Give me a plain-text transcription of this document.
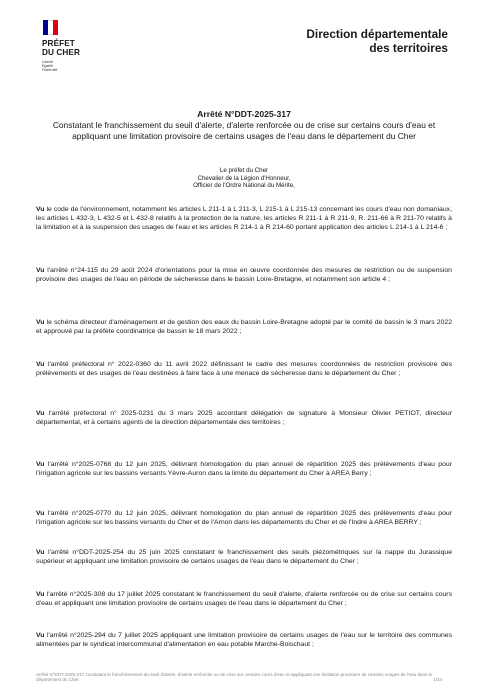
PRÉFET
DU CHER
Liberté
Égalité
Fraternité
Direction départementale
des territoires
Arrêté N°DDT-2025-317
Constatant le franchissement du seuil d'alerte, d'alerte renforcée ou de crise sur certains cours d'eau et appliquant une limitation provisoire de certains usages de l'eau dans le département du Cher
Le préfet du Cher
Chevalier de la Légion d'Honneur,
Officier de l'Ordre National du Mérite,
Vu le code de l'environnement, notamment les articles L 211-1 à L 211-3, L 215-1 à L 215-13 concernant les cours d'eau non domaniaux, les articles L 432-3, L 432-5 et L 432-8 relatifs à la protection de la nature, les articles R 211-1 à R 211-9, R. 211-66 à R 211-70 relatifs à la limitation et à la suspension des usages de l'eau et les articles R 214-1 à R 214-60 portant application des articles L 214-1 à L 214-6 ;
Vu l'arrêté n°24-115 du 29 août 2024 d'orientations pour la mise en œuvre coordonnée des mesures de restriction ou de suspension provisoire des usages de l'eau en période de sécheresse dans le bassin Loire-Bretagne, et notamment son article 4 ;
Vu le schéma directeur d'aménagement et de gestion des eaux du bassin Loire-Bretagne adopté par le comité de bassin le 3 mars 2022 et approuvé par la préfète coordinatrice de bassin le 18 mars 2022 ;
Vu l'arrêté préfectoral n° 2022-0360 du 11 avril 2022 définissant le cadre des mesures coordonnées de restriction provisoire des prélèvements et des usages de l'eau destinées à faire face à une menace de sécheresse dans le département du Cher ;
Vu l'arrêté préfectoral n° 2025-0231 du 3 mars 2025 accordant délégation de signature à Monsieur Olivier PETIOT, directeur départemental, et à certains agents de la direction départementale des territoires ;
Vu l'arrêté n°2025-0768 du 12 juin 2025, délivrant homologation du plan annuel de répartition 2025 des prélèvements d'eau pour l'irrigation agricole sur les bassins versants Yèvre-Auron dans la limite du département du Cher à AREA Berry ;
Vu l'arrêté n°2025-0770 du 12 juin 2025, délivrant homologation du plan annuel de répartition 2025 des prélèvements d'eau pour l'irrigation agricole sur les bassins versants du Cher et de l'Arnon dans les départements du Cher et de l'Indre à AREA BERRY ;
Vu l'arrêté n°DDT-2025-254 du 25 juin 2025 constatant le franchissement des seuils piézométriques sur la nappe du Jurassique supérieur et appliquant une limitation provisoire de certains usages de l'eau dans le département du Cher ;
Vu l'arrêté n°2025-308 du 17 juillet 2025 constatant le franchissement du seuil d'alerte, d'alerte renforcée ou de crise sur certains cours d'eau et appliquant une limitation provisoire de certains usages de l'eau dans le département du Cher ;
Vu l'arrêté n°2025-294 du 7 juillet 2025 appliquant une limitation provisoire de certains usages de l'eau sur le territoire des communes alimentées par le syndicat intercommunal d'alimentation en eau potable Marche-Boischaut ;
Arrêté N°DDT-2025-317 constatant le franchissement du seuil d'alerte, d'alerte renforcée ou de crise sur certains cours d'eau et appliquant une limitation provisoire de certains usages de l'eau dans le département du Cher.	1/34
